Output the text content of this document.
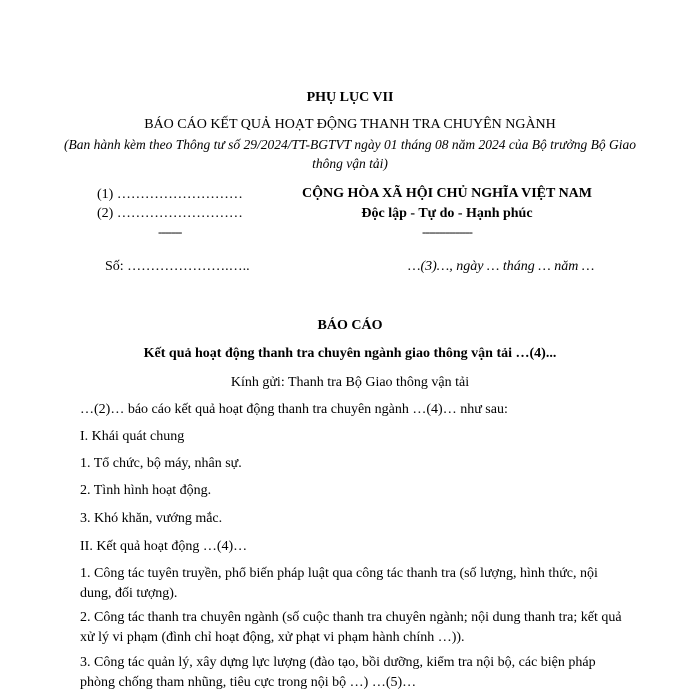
PHỤ LỤC VII
BÁO CÁO KẾT QUẢ HOẠT ĐỘNG THANH TRA CHUYÊN NGÀNH
(Ban hành kèm theo Thông tư số 29/2024/TT-BGTVT ngày 01 tháng 08 năm 2024 của Bộ trưởng Bộ Giao thông vận tải)
(1) ………………………
(2) ………………………
-------
CỘNG HÒA XÃ HỘI CHỦ NGHĨA VIỆT NAM
Độc lập - Tự do - Hạnh phúc
---------------
Số: ………………….…..	…(3)…, ngày … tháng … năm …
BÁO CÁO
Kết quả hoạt động thanh tra chuyên ngành giao thông vận tải …(4)...
Kính gửi: Thanh tra Bộ Giao thông vận tải
…(2)… báo cáo kết quả hoạt động thanh tra chuyên ngành …(4)… như sau:
I. Khái quát chung
1. Tổ chức, bộ máy, nhân sự.
2. Tình hình hoạt động.
3. Khó khăn, vướng mắc.
II. Kết quả hoạt động …(4)…
1. Công tác tuyên truyền, phổ biến pháp luật qua công tác thanh tra (số lượng, hình thức, nội dung, đối tượng).
2. Công tác thanh tra chuyên ngành (số cuộc thanh tra chuyên ngành; nội dung thanh tra; kết quả xử lý vi phạm (đình chỉ hoạt động, xử phạt vi phạm hành chính …)).
3. Công tác quản lý, xây dựng lực lượng (đào tạo, bồi dưỡng, kiểm tra nội bộ, các biện pháp phòng chống tham nhũng, tiêu cực trong nội bộ …) …(5)…
